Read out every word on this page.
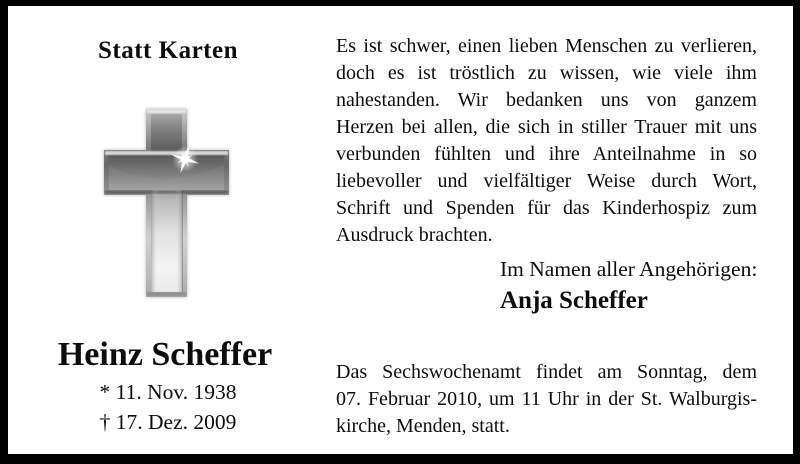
Statt Karten
Heinz Scheffer
* 11. Nov. 1938
† 17. Dez. 2009
Es ist schwer, einen lieben Menschen zu verlieren,
doch es ist tröstlich zu wissen, wie viele ihm
nahestanden. Wir bedanken uns von ganzem
Herzen bei allen, die sich in stiller Trauer mit uns
verbunden fühlten und ihre Anteilnahme in so
liebevoller und vielfältiger Weise durch Wort,
Schrift und Spenden für das Kinderhospiz zum
Ausdruck brachten.
Im Namen aller Angehörigen:
Anja Scheffer
Das Sechswochenamt findet am Sonntag, dem
07. Februar 2010, um 11 Uhr in der St. Walburgis-
kirche, Menden, statt.
